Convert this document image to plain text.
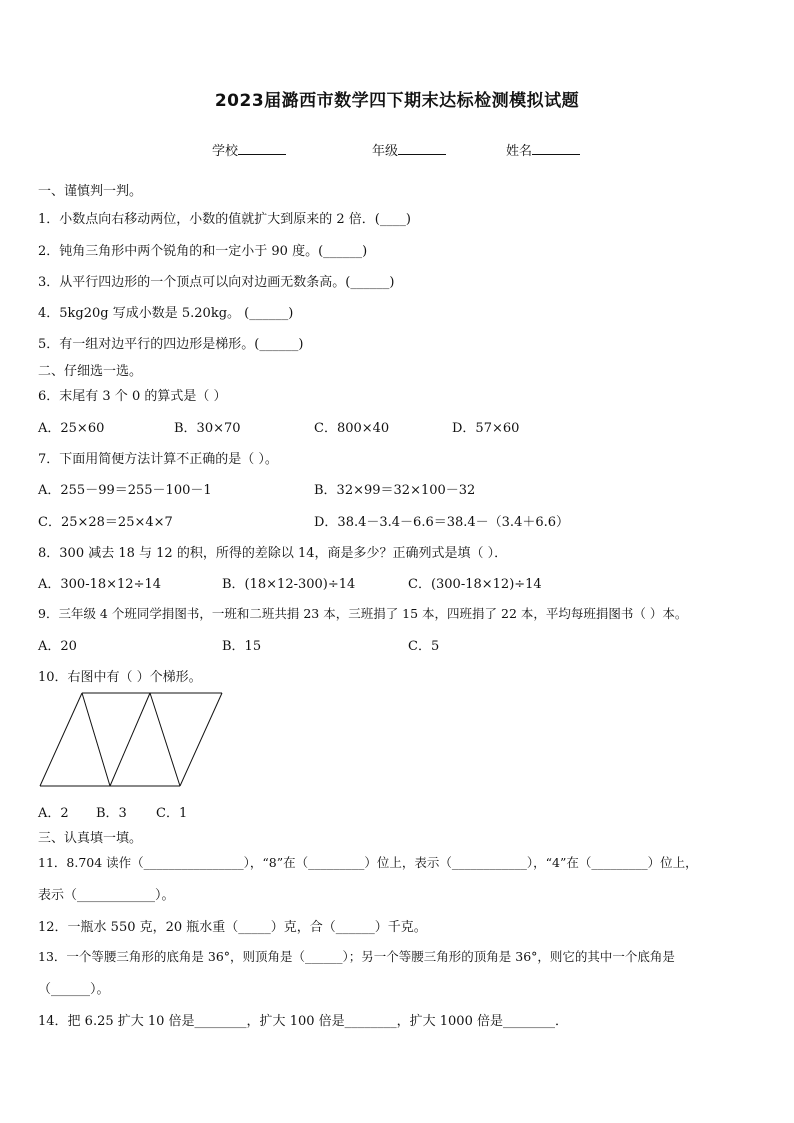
2023届潞西市数学四下期末达标检测模拟试题
学校	年级	姓名
一、谨慎判一判。
1．小数点向右移动两位，小数的值就扩大到原来的 2 倍．(____)
2．钝角三角形中两个锐角的和一定小于 90 度。(______)
3．从平行四边形的一个顶点可以向对边画无数条高。(______)
4．5kg20g 写成小数是 5.20kg。 (______)
5．有一组对边平行的四边形是梯形。(______)
二、仔细选一选。
6．末尾有 3 个 0 的算式是（ ）
A．25×60	B．30×70	C．800×40	D．57×60
7．下面用简便方法计算不正确的是（ ）。
A．255－99＝255－100－1	B．32×99＝32×100－32
C．25×28＝25×4×7	D．38.4－3.4－6.6＝38.4－（3.4＋6.6）
8．300 减去 18 与 12 的积，所得的差除以 14，商是多少？正确列式是填（ ）．
A．300-18×12÷14	B．(18×12-300)÷14	C．(300-18×12)÷14
9．三年级 4 个班同学捐图书，一班和二班共捐 23 本，三班捐了 15 本，四班捐了 22 本，平均每班捐图书（ ）本。
A．20	B．15	C．5
10．右图中有（ ）个梯形。
A．2 B．3 C．1
三、认真填一填。
11．8.704 读作（________________），“8”在（_________）位上，表示（____________），“4”在（_________）位上，
表示（____________）。
12．一瓶水 550 克，20 瓶水重（_____）克，合（______）千克。
13．一个等腰三角形的底角是 36°，则顶角是（______）；另一个等腰三角形的顶角是 36°，则它的其中一个底角是
（______）。
14．把 6.25 扩大 10 倍是________，扩大 100 倍是________，扩大 1000 倍是________．
